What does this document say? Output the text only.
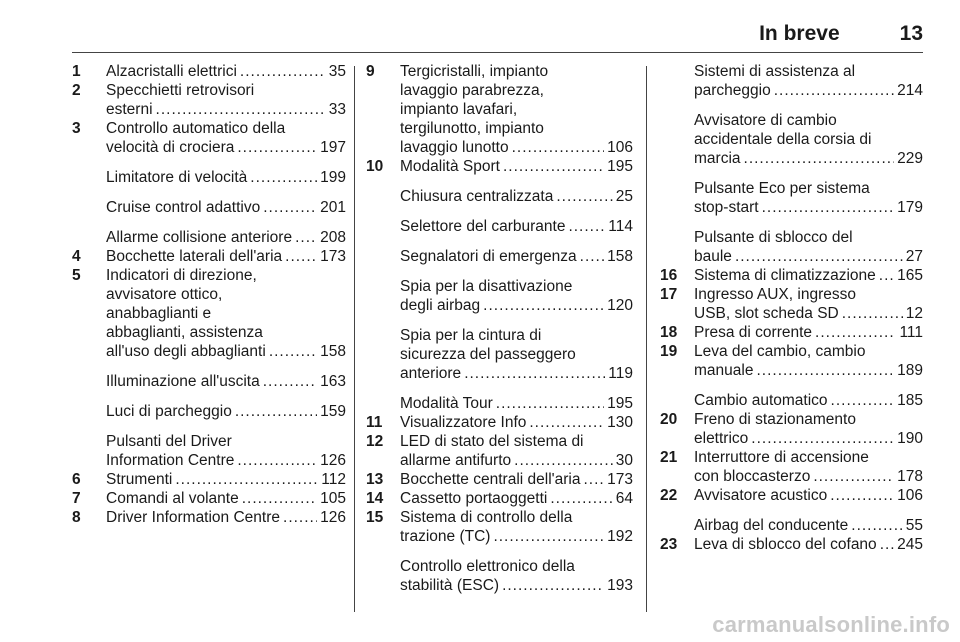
In breve	13
1	Alzacristalli elettrici .....	35
2	Specchietti retrovisori
esterni .....	33
3	Controllo automatico della
velocità di crociera .....	197
Limitatore di velocità .....	199
Cruise control adattivo .....	201
Allarme collisione anteriore ..... 208
4	Bocchette laterali dell'aria ..... 173
5	Indicatori di direzione,
avvisatore ottico,
anabbaglianti e
abbaglianti, assistenza
all'uso degli abbaglianti .....	158
Illuminazione all'uscita .....	163
Luci di parcheggio .....	159
Pulsanti del Driver
Information Centre .....	126
6	Strumenti .....	112
7	Comandi al volante .....	105
8	Driver Information Centre .....	126
9	Tergicristalli, impianto
lavaggio parabrezza,
impianto lavafari,
tergilunotto, impianto
lavaggio lunotto .....	106
10	Modalità Sport .....	195
Chiusura centralizzata .....	25
Selettore del carburante .....	114
Segnalatori di emergenza ..... 158
Spia per la disattivazione
degli airbag .....	120
Spia per la cintura di
sicurezza del passeggero
anteriore .....	119
Modalità Tour .....	195
11	Visualizzatore Info .....	130
12	LED di stato del sistema di
allarme antifurto .....	30
13	Bocchette centrali dell'aria ..... 173
14	Cassetto portaoggetti .....	64
15	Sistema di controllo della
trazione (TC) .....	192
Controllo elettronico della
stabilità (ESC) .....	193
Sistemi di assistenza al
parcheggio .....	214
Avvisatore di cambio
accidentale della corsia di
marcia .....	229
Pulsante Eco per sistema
stop-start .....	179
Pulsante di sblocco del
baule .....	27
16	Sistema di climatizzazione ..... 165
17	Ingresso AUX, ingresso
USB, slot scheda SD .....	12
18	Presa di corrente .....	111
19	Leva del cambio, cambio
manuale .....	189
Cambio automatico .....	185
20	Freno di stazionamento
elettrico .....	190
21	Interruttore di accensione
con bloccasterzo .....	178
22	Avvisatore acustico .....	106
Airbag del conducente .....	55
23	Leva di sblocco del cofano ..... 245
carmanualsonline.info
